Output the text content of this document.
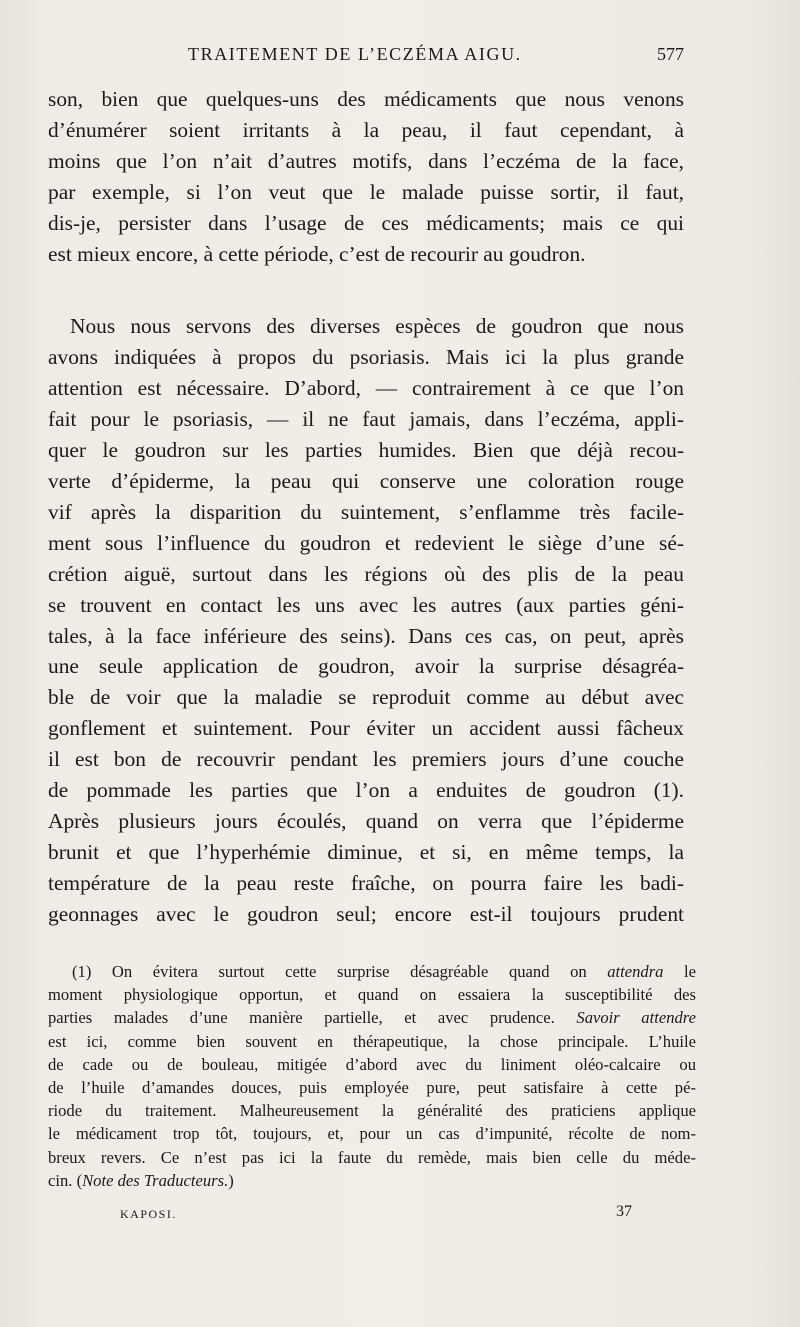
TRAITEMENT DE L’ECZÉMA AIGU.	577
son, bien que quelques-uns des médicaments que nous venons
d’énumérer soient irritants à la peau, il faut cependant, à
moins que l’on n’ait d’autres motifs, dans l’eczéma de la face,
par exemple, si l’on veut que le malade puisse sortir, il faut,
dis-je, persister dans l’usage de ces médicaments; mais ce qui
est mieux encore, à cette période, c’est de recourir au goudron.
Nous nous servons des diverses espèces de goudron que nous
avons indiquées à propos du psoriasis. Mais ici la plus grande
attention est nécessaire. D’abord, — contrairement à ce que l’on
fait pour le psoriasis, — il ne faut jamais, dans l’eczéma, appli-
quer le goudron sur les parties humides. Bien que déjà recou-
verte d’épiderme, la peau qui conserve une coloration rouge
vif après la disparition du suintement, s’enflamme très facile-
ment sous l’influence du goudron et redevient le siège d’une sé-
crétion aiguë, surtout dans les régions où des plis de la peau
se trouvent en contact les uns avec les autres (aux parties géni-
tales, à la face inférieure des seins). Dans ces cas, on peut, après
une seule application de goudron, avoir la surprise désagréa-
ble de voir que la maladie se reproduit comme au début avec
gonflement et suintement. Pour éviter un accident aussi fâcheux
il est bon de recouvrir pendant les premiers jours d’une couche
de pommade les parties que l’on a enduites de goudron (1).
Après plusieurs jours écoulés, quand on verra que l’épiderme
brunit et que l’hyperhémie diminue, et si, en même temps, la
température de la peau reste fraîche, on pourra faire les badi-
geonnages avec le goudron seul; encore est-il toujours prudent
(1) On évitera surtout cette surprise désagréable quand on attendra le
moment physiologique opportun, et quand on essaiera la susceptibilité des
parties malades d’une manière partielle, et avec prudence. Savoir attendre
est ici, comme bien souvent en thérapeutique, la chose principale. L’huile
de cade ou de bouleau, mitigée d’abord avec du liniment oléo-calcaire ou
de l’huile d’amandes douces, puis employée pure, peut satisfaire à cette pé-
riode du traitement. Malheureusement la généralité des praticiens applique
le médicament trop tôt, toujours, et, pour un cas d’impunité, récolte de nom-
breux revers. Ce n’est pas ici la faute du remède, mais bien celle du méde-
cin. (Note des Traducteurs.)
KAPOSI.	37
